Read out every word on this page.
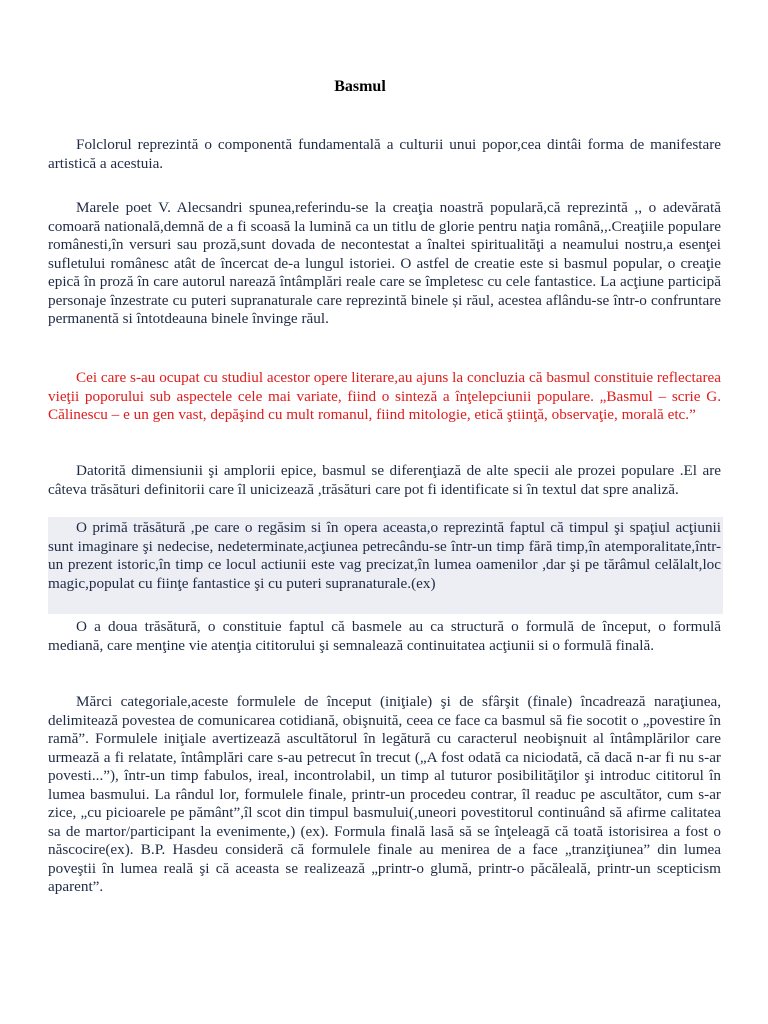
Basmul
Folclorul reprezintă o componentă fundamentală a culturii unui popor,cea dintâi forma de manifestare artistică a acestuia.
Marele poet V. Alecsandri spunea,referindu-se la creaţia noastră populară,că reprezintă ,, o adevărată comoară natională,demnă de a fi scoasă la lumină ca un titlu de glorie pentru naţia română,,.Creaţiile populare românesti,în versuri sau proză,sunt dovada de necontestat a înaltei spiritualităţi a neamului nostru,a esenţei sufletului românesc atât de încercat de-a lungul istoriei. O astfel de creatie este si basmul popular, o creaţie epică în proză în care autorul narează întâmplări reale care se împletesc cu cele fantastice. La acţiune participă personaje înzestrate cu puteri supranaturale care reprezintă binele și răul, acestea aflându-se într-o confruntare permanentă si întotdeauna binele învinge răul.
Cei care s-au ocupat cu studiul acestor opere literare,au ajuns la concluzia că basmul constituie reflectarea vieţii poporului sub aspectele cele mai variate, fiind o sinteză a înţelepciunii populare. „Basmul – scrie G. Călinescu – e un gen vast, depăşind cu mult romanul, fiind mitologie, etică ştiinţă, observaţie, morală etc.”
Datorită dimensiunii şi amplorii epice, basmul se diferenţiază de alte specii ale prozei populare .El are câteva trăsături definitorii care îl unicizează ,trăsături care pot fi identificate si în textul dat spre analiză.
O primă trăsătură ,pe care o regăsim si în opera aceasta,o reprezintă faptul că timpul şi spaţiul acţiunii sunt imaginare şi nedecise, nedeterminate,acţiunea petrecându-se într-un timp fără timp,în atemporalitate,într-un prezent istoric,în timp ce locul actiunii este vag precizat,în lumea oamenilor ,dar şi pe tărâmul celălalt,loc magic,populat cu fiinţe fantastice şi cu puteri supranaturale.(ex)
O a doua trăsătură, o constituie faptul că basmele au ca structură o formulă de început, o formulă mediană, care menţine vie atenţia cititorului şi semnalează continuitatea acţiunii si o formulă finală.
Mărci categoriale,aceste formulele de început (iniţiale) şi de sfârşit (finale) încadrează naraţiunea, delimitează povestea de comunicarea cotidiană, obişnuită, ceea ce face ca basmul să fie socotit o „povestire în ramă”. Formulele iniţiale avertizează ascultătorul în legătură cu caracterul neobişnuit al întâmplărilor care urmează a fi relatate, întâmplări care s-au petrecut în trecut („A fost odată ca niciodată, că dacă n-ar fi nu s-ar povesti...”), într-un timp fabulos, ireal, incontrolabil, un timp al tuturor posibilităţilor şi introduc cititorul în lumea basmului. La rândul lor, formulele finale, printr-un procedeu contrar, îl readuc pe ascultător, cum s-ar zice, „cu picioarele pe pământ”,îl scot din timpul basmului(,uneori povestitorul continuând să afirme calitatea sa de martor/participant la evenimente,) (ex). Formula finală lasă să se înţeleagă că toată istorisirea a fost o născocire(ex). B.P. Hasdeu consideră că formulele finale au menirea de a face „tranziţiunea” din lumea poveştii în lumea reală şi că aceasta se realizează „printr-o glumă, printr-o păcăleală, printr-un scepticism aparent”.
